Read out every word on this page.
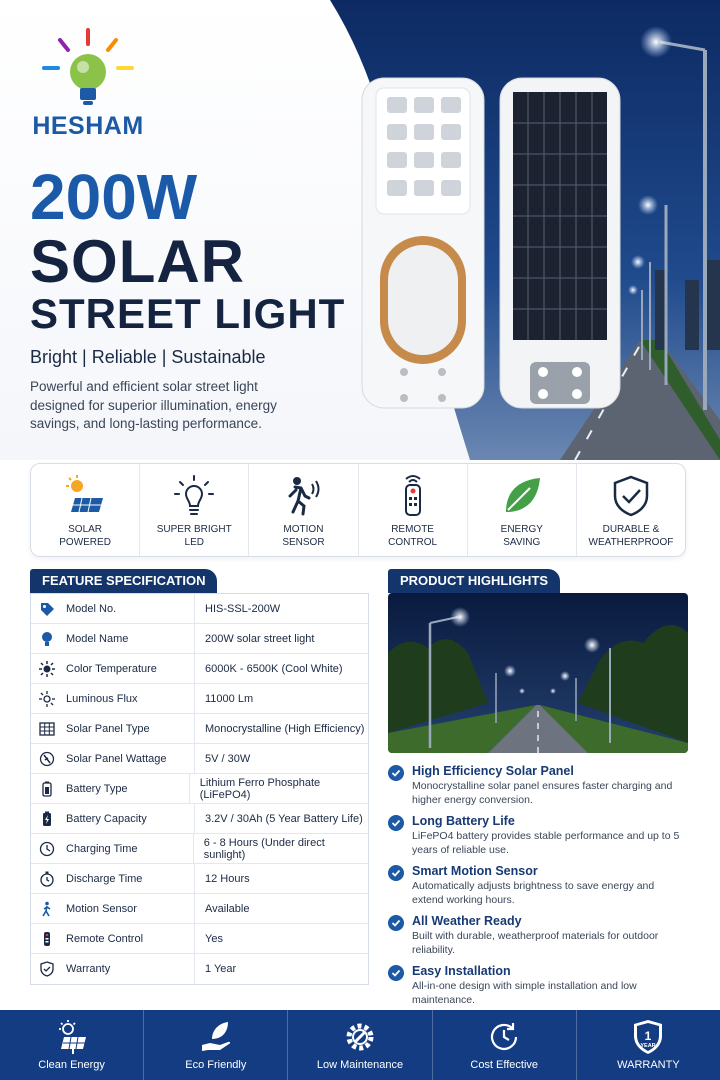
HESHAM
200W
SOLAR
STREET LIGHT
Bright | Reliable | Sustainable
Powerful and efficient solar street light designed for superior illumination, energy savings, and long-lasting performance.
SOLAR
POWERED
SUPER BRIGHT
LED
MOTION
SENSOR
REMOTE
CONTROL
ENERGY
SAVING
DURABLE &
WEATHERPROOF
FEATURE SPECIFICATION
Model No.	HIS-SSL-200W
Model Name	200W solar street light
Color Temperature	6000K - 6500K (Cool White)
Luminous Flux	11000 Lm
Solar Panel Type	Monocrystalline (High Efficiency)
Solar Panel Wattage	5V / 30W
Battery Type	Lithium Ferro Phosphate (LiFePO4)
Battery Capacity	3.2V / 30Ah (5 Year Battery Life)
Charging Time	6 - 8 Hours (Under direct sunlight)
Discharge Time	12 Hours
Motion Sensor	Available
Remote Control	Yes
Warranty	1 Year
PRODUCT HIGHLIGHTS
High Efficiency Solar Panel
Monocrystalline solar panel ensures faster charging and higher energy conversion.
Long Battery Life
LiFePO4 battery provides stable performance and up to 5 years of reliable use.
Smart Motion Sensor
Automatically adjusts brightness to save energy and extend working hours.
All Weather Ready
Built with durable, weatherproof materials for outdoor reliability.
Easy Installation
All-in-one design with simple installation and low maintenance.
Clean Energy	Eco Friendly	Low Maintenance	Cost Effective
1
YEAR
WARRANTY
